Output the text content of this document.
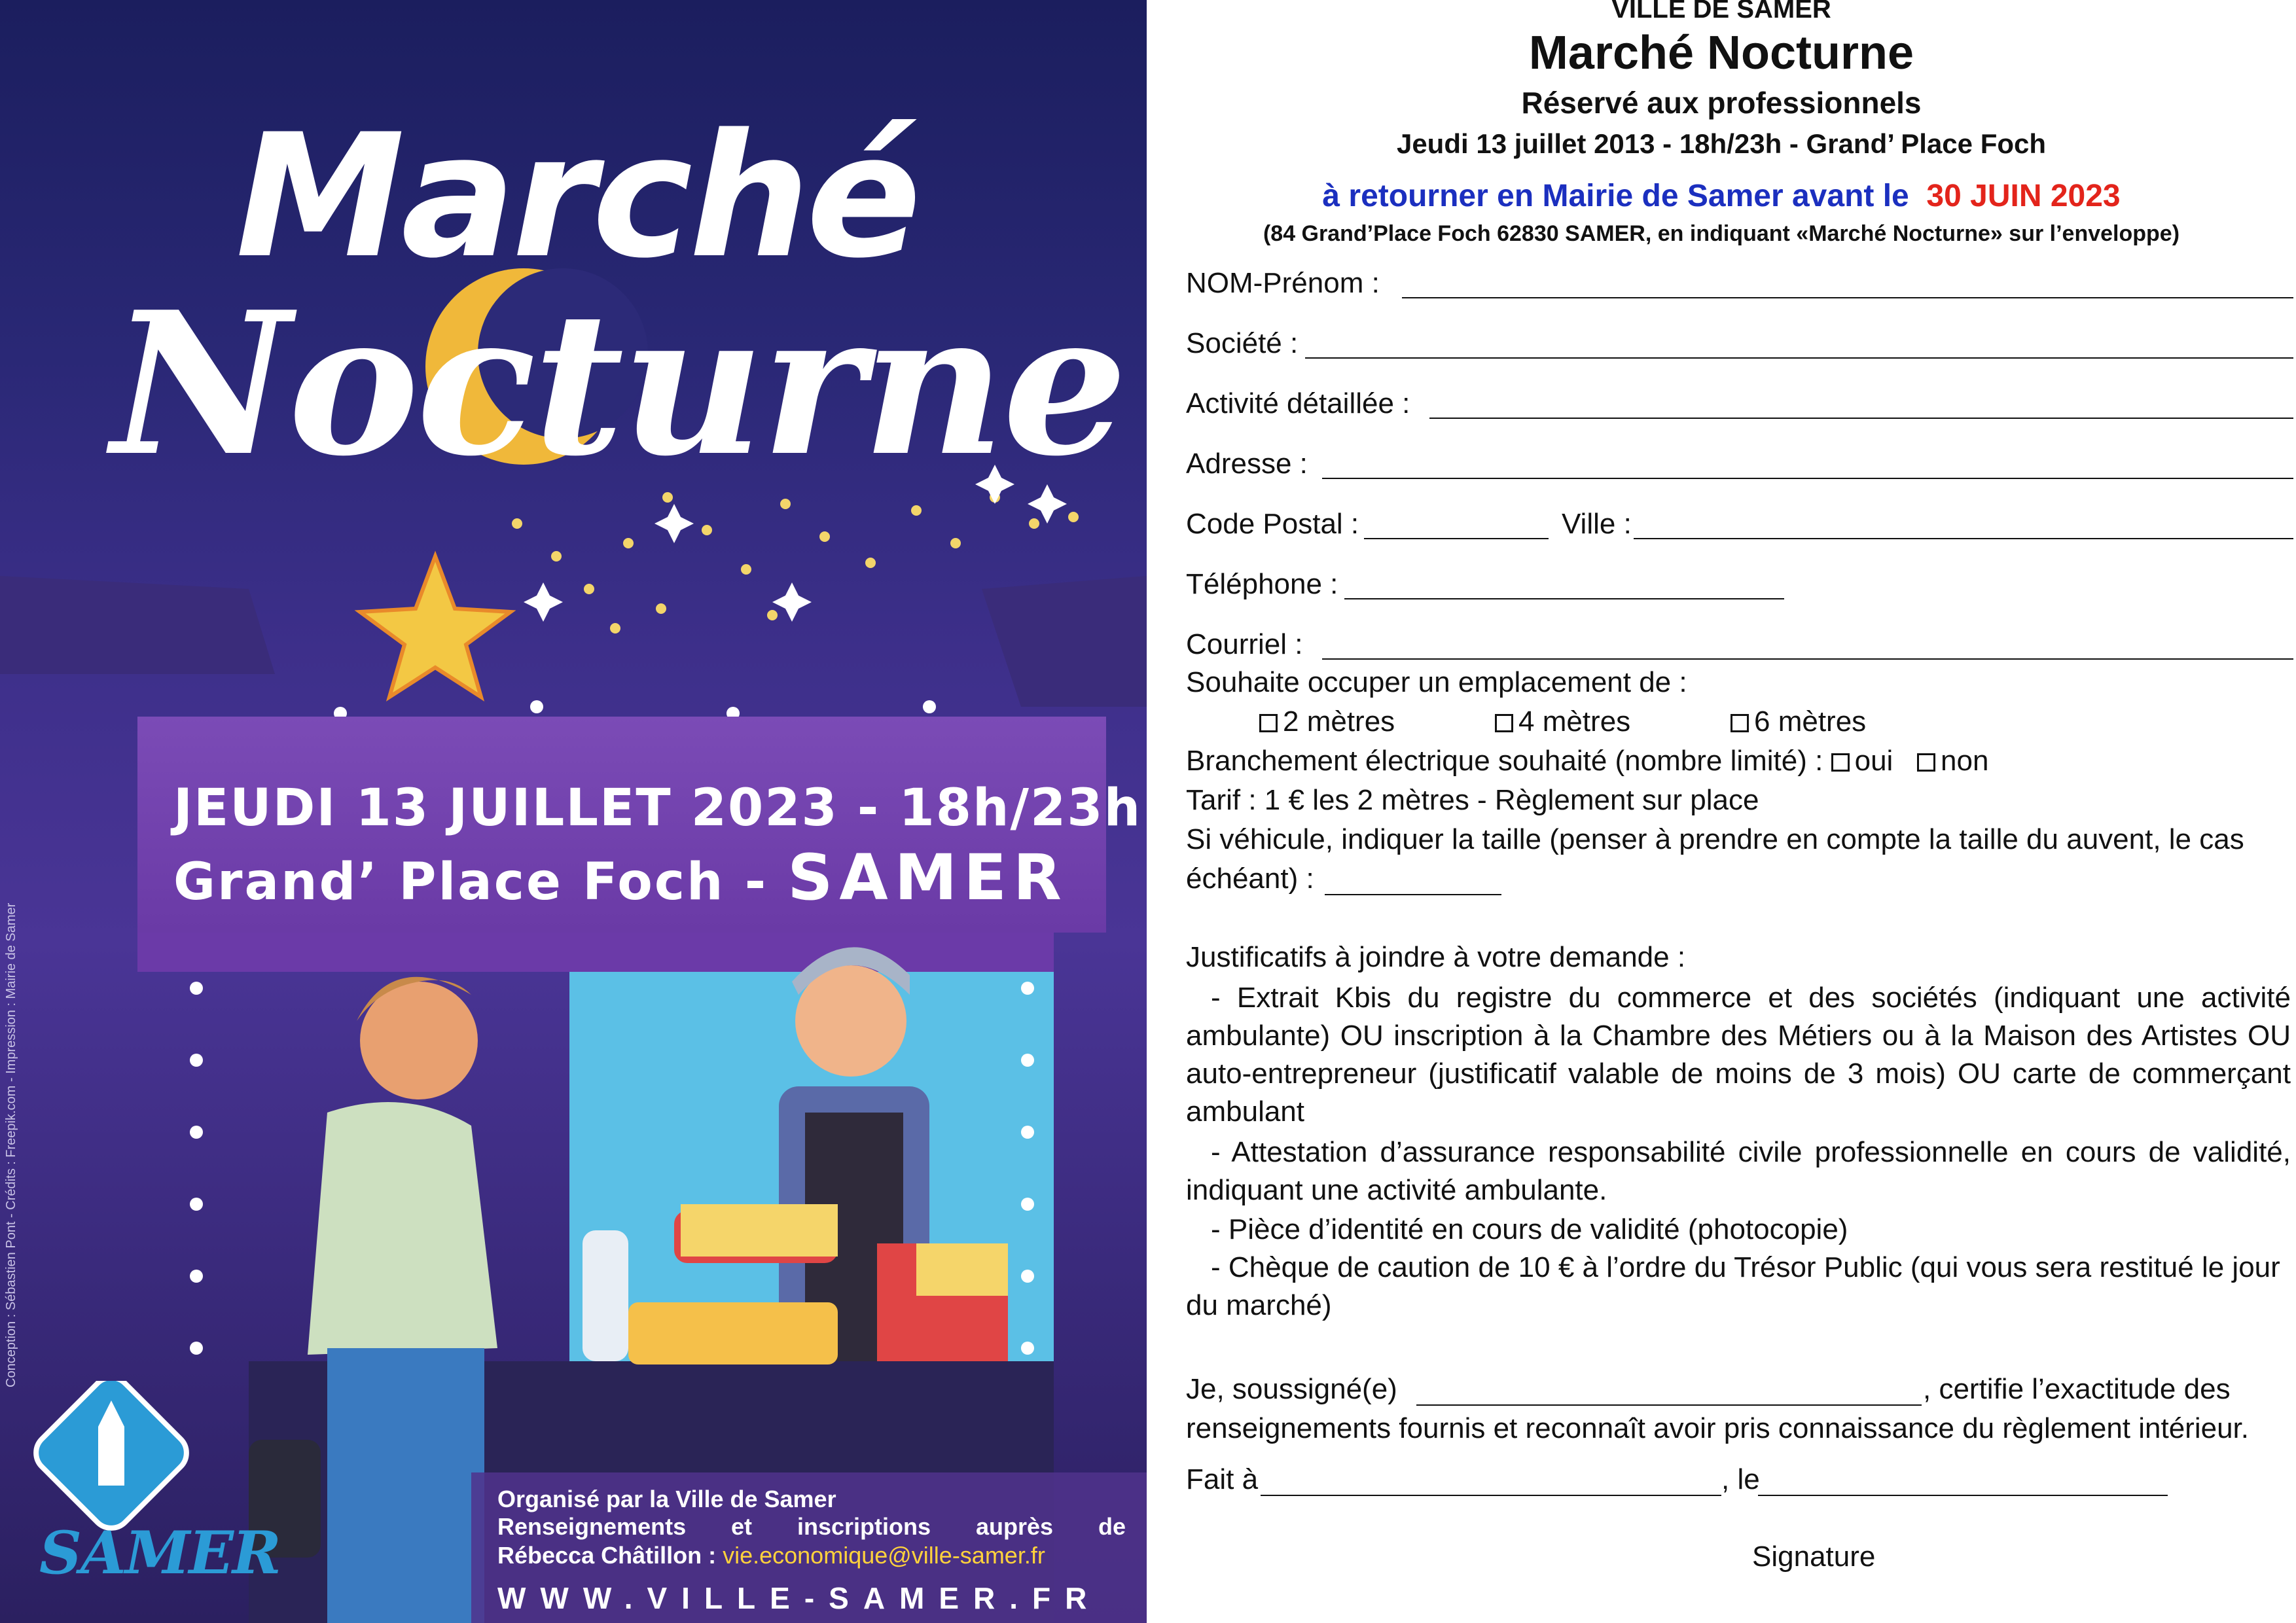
Marché
Nocturne
JEUDI 13 JUILLET 2023 - 18h/23h
Grand’ Place Foch - SAMER
Conception : Sébastien Pont - Crédits : Freepik.com - Impression : Mairie de Samer
SAMER
Organisé par la Ville de Samer
Renseignements et inscriptions auprès de
Rébecca Châtillon : vie.economique@ville-samer.fr
WWW.VILLE-SAMER.FR
VILLE DE SAMER
Marché Nocturne
Réservé aux professionnels
Jeudi 13 juillet 2013 - 18h/23h - Grand’ Place Foch
à retourner en Mairie de Samer avant le 30 JUIN 2023
(84 Grand’Place Foch 62830 SAMER, en indiquant «Marché Nocturne» sur l’enveloppe)
NOM-Prénom :
Société :
Activité détaillée :
Adresse :
Code Postal :	Ville :
Téléphone :
Courriel :
Souhaite occuper un emplacement de :
2 mètres	4 mètres	6 mètres
Branchement électrique souhaité (nombre limité) : oui non
Tarif : 1 € les 2 mètres - Règlement sur place
Si véhicule, indiquer la taille (penser à prendre en compte la taille du auvent, le cas
échéant) :
Justificatifs à joindre à votre demande :
- Extrait Kbis du registre du commerce et des sociétés (indiquant une activité ambulante) OU inscription à la Chambre des Métiers ou à la Maison des Artistes OU auto-entrepreneur (justificatif valable de moins de 3 mois) OU carte de commerçant ambulant
- Attestation d’assurance responsabilité civile professionnelle en cours de validité, indiquant une activité ambulante.
- Pièce d’identité en cours de validité (photocopie)
- Chèque de caution de 10 € à l’ordre du Trésor Public (qui vous sera restitué le jour du marché)
Je, soussigné(e)	, certifie l’exactitude des
renseignements fournis et reconnaît avoir pris connaissance du règlement intérieur.
Fait à	, le
Signature
